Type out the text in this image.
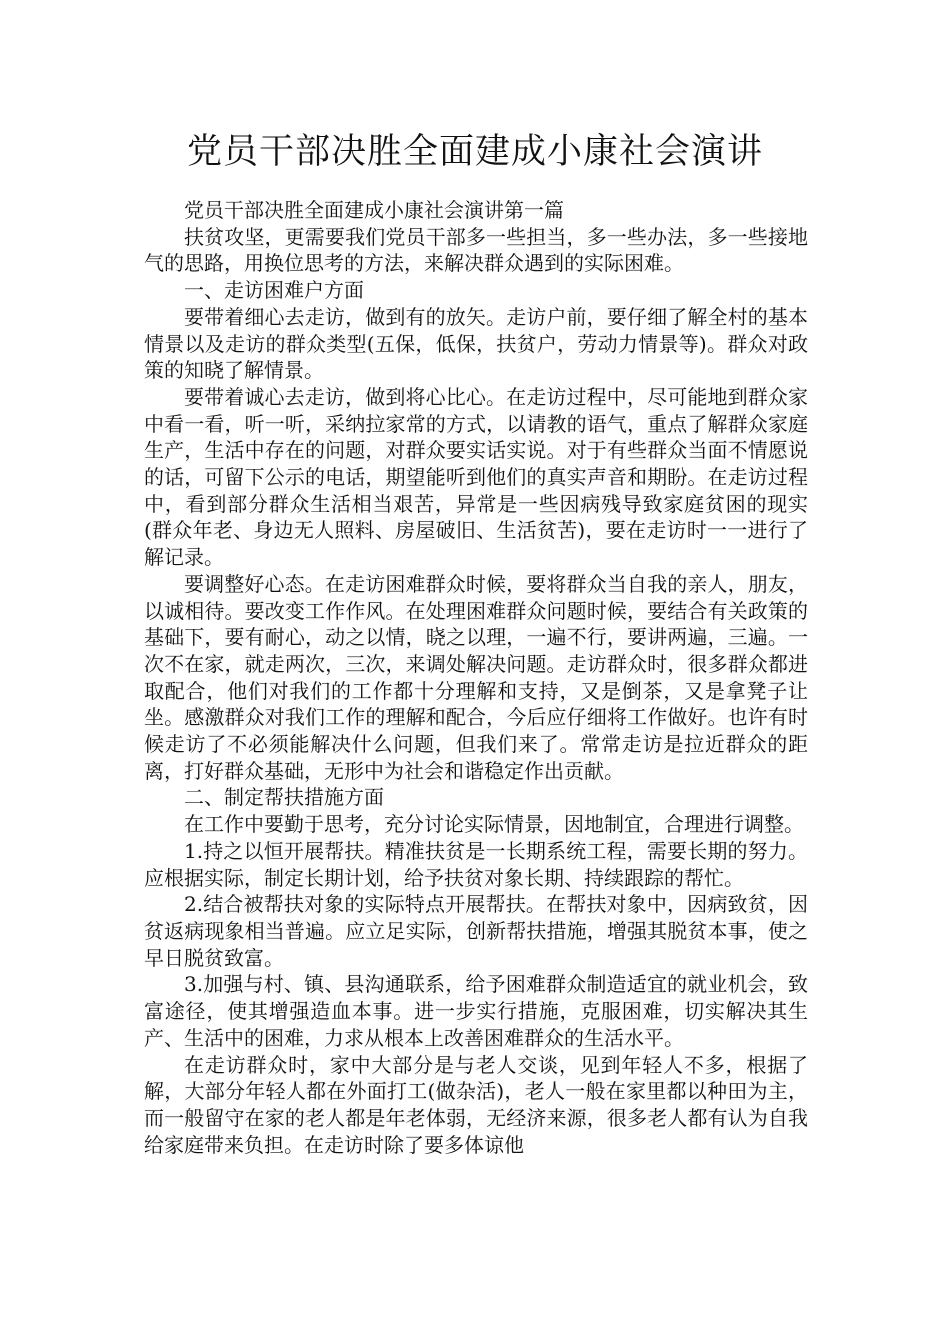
党员干部决胜全面建成小康社会演讲

党员干部决胜全面建成小康社会演讲第一篇

扶贫攻坚，更需要我们党员干部多一些担当，多一些办法，多一些接地气的思路，用换位思考的方法，来解决群众遇到的实际困难。

一、走访困难户方面

要带着细心去走访，做到有的放矢。走访户前，要仔细了解全村的基本情景以及走访的群众类型(五保，低保，扶贫户，劳动力情景等)。群众对政策的知晓了解情景。

要带着诚心去走访，做到将心比心。在走访过程中，尽可能地到群众家中看一看，听一听，采纳拉家常的方式，以请教的语气，重点了解群众家庭生产，生活中存在的问题，对群众要实话实说。对于有些群众当面不情愿说的话，可留下公示的电话，期望能听到他们的真实声音和期盼。在走访过程中，看到部分群众生活相当艰苦，异常是一些因病残导致家庭贫困的现实(群众年老、身边无人照料、房屋破旧、生活贫苦)，要在走访时一一进行了解记录。

要调整好心态。在走访困难群众时候，要将群众当自我的亲人，朋友，以诚相待。要改变工作作风。在处理困难群众问题时候，要结合有关政策的基础下，要有耐心，动之以情，晓之以理，一遍不行，要讲两遍，三遍。一次不在家，就走两次，三次，来调处解决问题。走访群众时，很多群众都进取配合，他们对我们的工作都十分理解和支持，又是倒茶，又是拿凳子让坐。感激群众对我们工作的理解和配合，今后应仔细将工作做好。也许有时候走访了不必须能解决什么问题，但我们来了。常常走访是拉近群众的距离，打好群众基础，无形中为社会和谐稳定作出贡献。

二、制定帮扶措施方面

在工作中要勤于思考，充分讨论实际情景，因地制宜，合理进行调整。

1.持之以恒开展帮扶。精准扶贫是一长期系统工程，需要长期的努力。应根据实际，制定长期计划，给予扶贫对象长期、持续跟踪的帮忙。

2.结合被帮扶对象的实际特点开展帮扶。在帮扶对象中，因病致贫，因贫返病现象相当普遍。应立足实际，创新帮扶措施，增强其脱贫本事，使之早日脱贫致富。

3.加强与村、镇、县沟通联系，给予困难群众制造适宜的就业机会，致富途径，使其增强造血本事。进一步实行措施，克服困难，切实解决其生产、生活中的困难，力求从根本上改善困难群众的生活水平。

在走访群众时，家中大部分是与老人交谈，见到年轻人不多，根据了解，大部分年轻人都在外面打工(做杂活)，老人一般在家里都以种田为主，而一般留守在家的老人都是年老体弱，无经济来源，很多老人都有认为自我给家庭带来负担。在走访时除了要多体谅他
